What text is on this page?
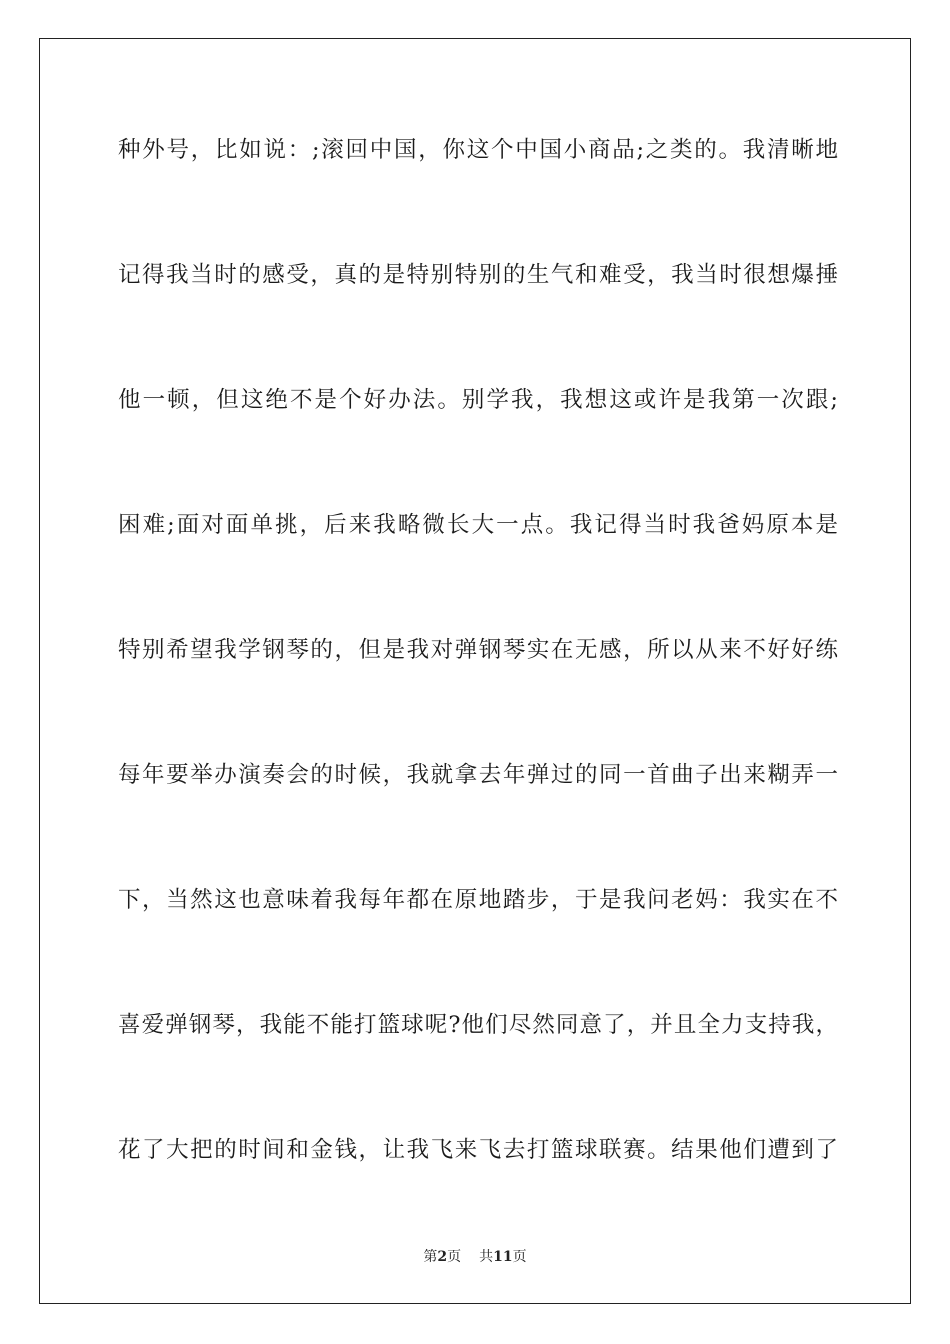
种外号，比如说：;滚回中国，你这个中国小商品;之类的。我清晰地
记得我当时的感受，真的是特别特别的生气和难受，我当时很想爆捶
他一顿，但这绝不是个好办法。别学我，我想这或许是我第一次跟;
困难;面对面单挑，后来我略微长大一点。我记得当时我爸妈原本是
特别希望我学钢琴的，但是我对弹钢琴实在无感，所以从来不好好练
每年要举办演奏会的时候，我就拿去年弹过的同一首曲子出来糊弄一
下，当然这也意味着我每年都在原地踏步，于是我问老妈：我实在不
喜爱弹钢琴，我能不能打篮球呢?他们尽然同意了，并且全力支持我，
花了大把的时间和金钱，让我飞来飞去打篮球联赛。结果他们遭到了
第2页 共11页
